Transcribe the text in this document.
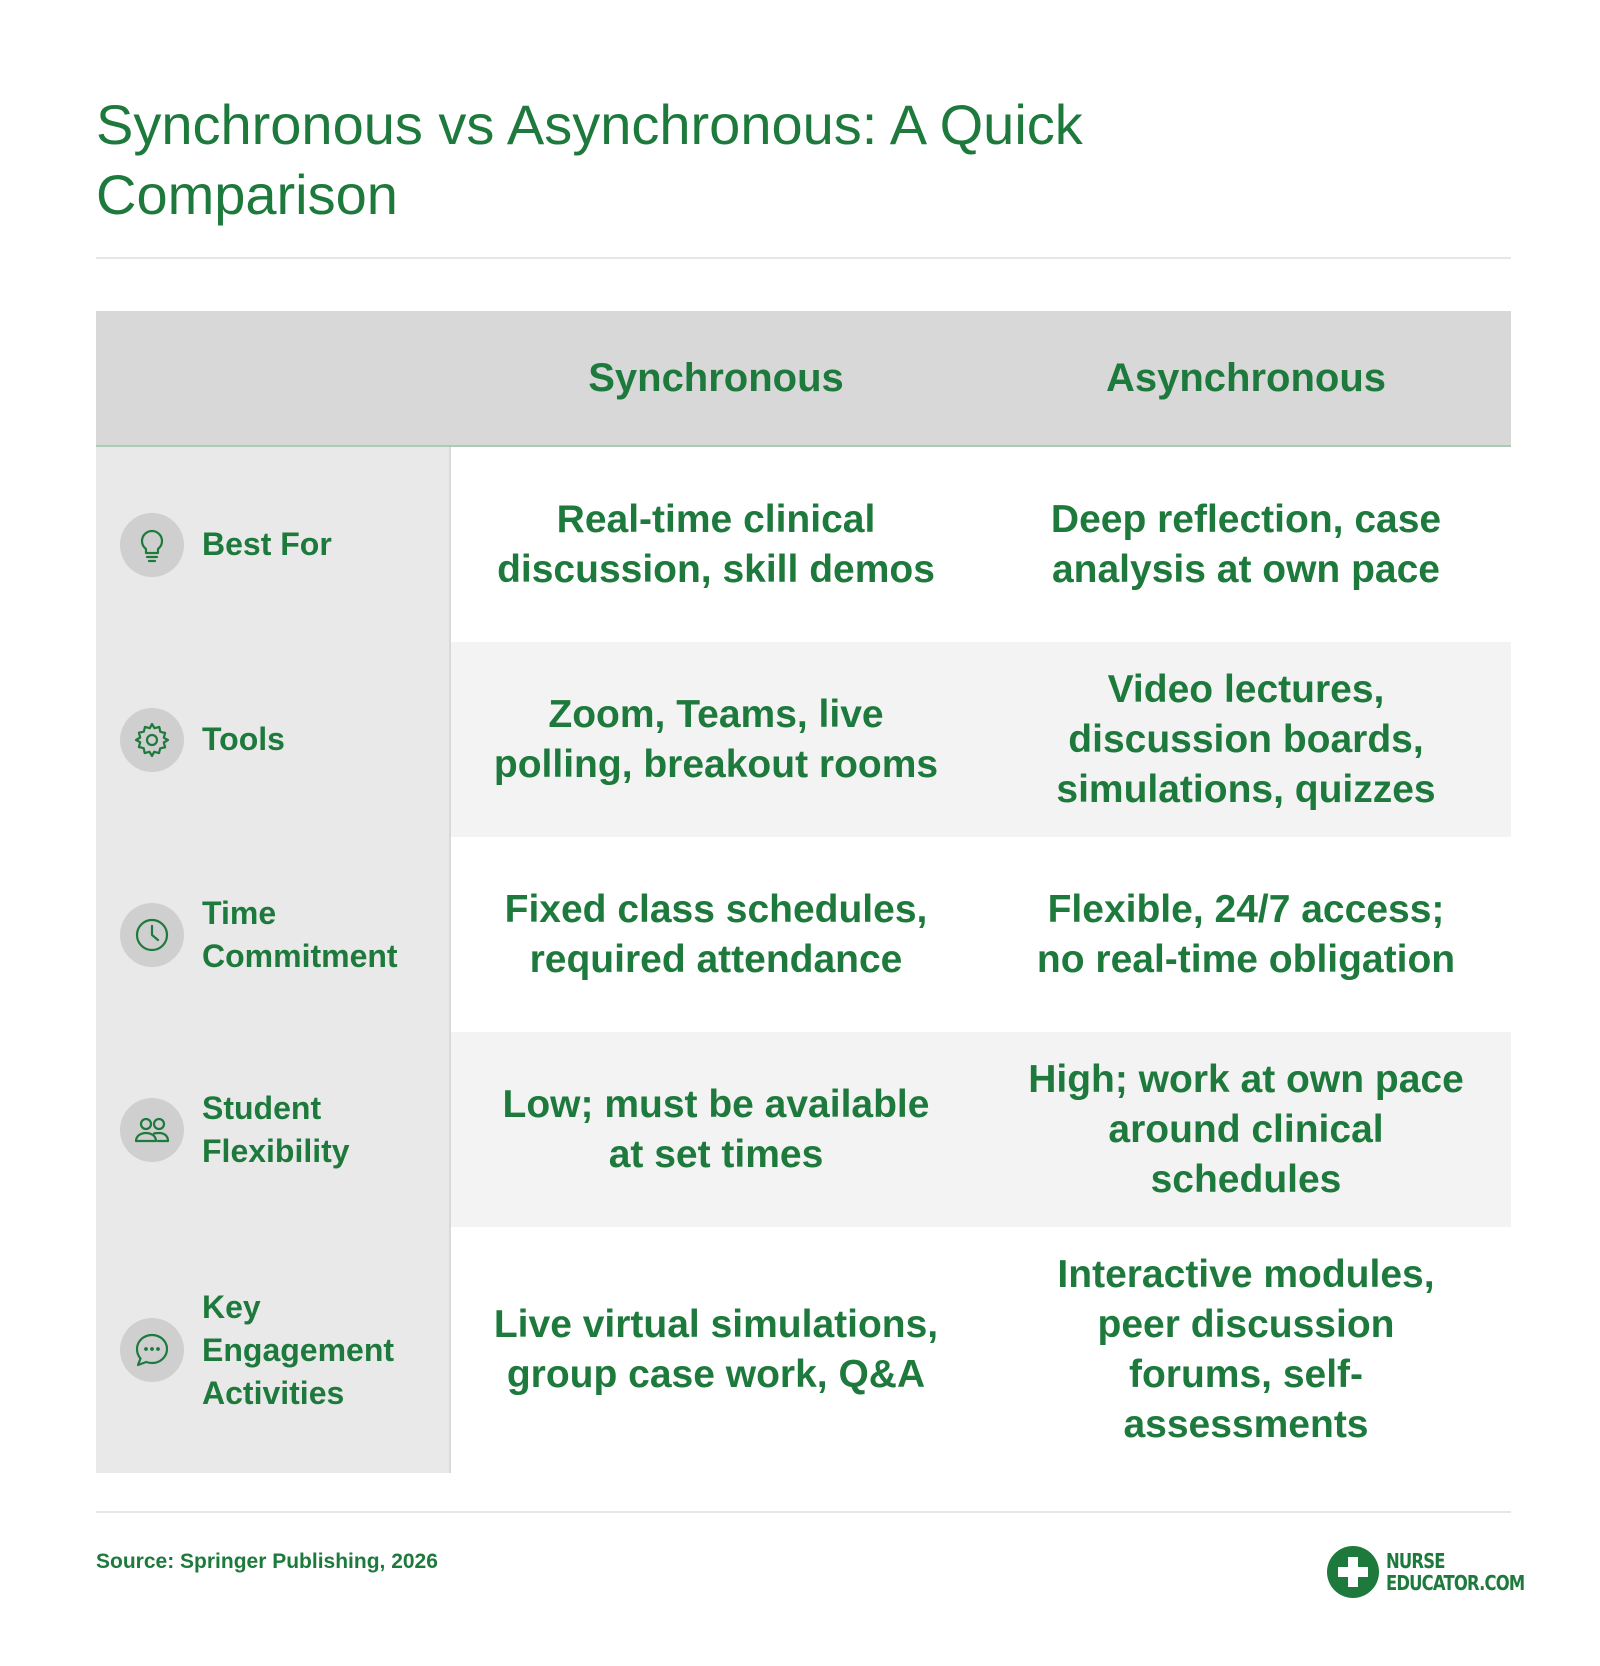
Synchronous vs Asynchronous: A Quick Comparison
Synchronous	Asynchronous
Best For
Real-time clinical discussion, skill demos
Deep reflection, case analysis at own pace
Tools
Zoom, Teams, live polling, breakout rooms
Video lectures, discussion boards, simulations, quizzes
Time Commitment
Fixed class schedules, required attendance
Flexible, 24/7 access; no real-time obligation
Student Flexibility
Low; must be available at set times
High; work at own pace around clinical schedules
Key Engagement Activities
Live virtual simulations, group case work, Q&A
Interactive modules, peer discussion forums, self-assessments
Source: Springer Publishing, 2026	NURSE
EDUCATOR.COM
